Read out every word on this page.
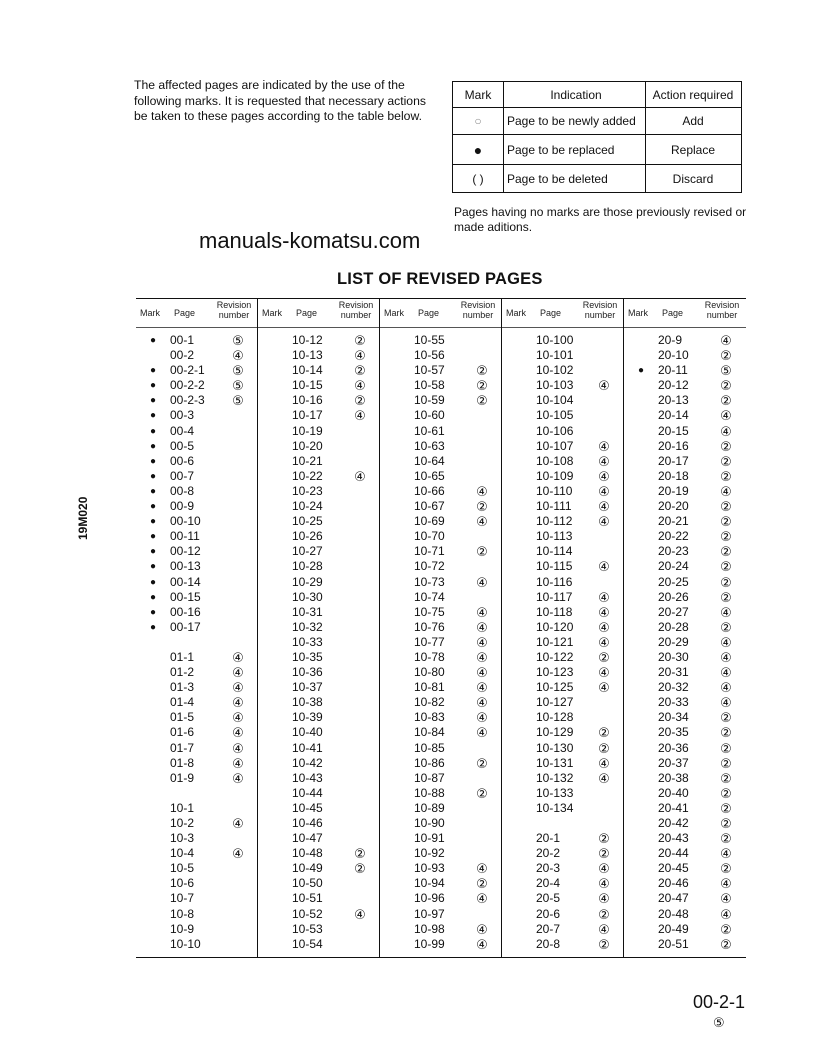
The affected pages are indicated by the use of the following marks. It is requested that necessary actions be taken to these pages according to the table below.
Mark	Indication	Action required
○	Page to be newly added	Add
●	Page to be replaced	Replace
( )	Page to be deleted	Discard
Pages having no marks are those previously revised or made aditions.
manuals-komatsu.com
LIST OF REVISED PAGES
19M020
Mark Page
Revision number
● 00-1	⑤
00-2	④
● 00-2-1 ⑤
● 00-2-2 ⑤
● 00-2-3 ⑤
● 00-3
● 00-4
● 00-5
● 00-6
● 00-7
● 00-8
● 00-9
● 00-10
● 00-11
● 00-12
● 00-13
● 00-14
● 00-15
● 00-16
● 00-17
01-1	④
01-2	④
01-3	④
01-4	④
01-5	④
01-6	④
01-7	④
01-8	④
01-9	④
10-1
10-2	④
10-3
10-4	④
10-5
10-6
10-7
10-8
10-9
10-10
Mark Page
Revision number
10-12 ②
10-13 ④
10-14 ②
10-15 ④
10-16 ②
10-17 ④
10-19
10-20
10-21
10-22 ④
10-23
10-24
10-25
10-26
10-27
10-28
10-29
10-30
10-31
10-32
10-33
10-35
10-36
10-37
10-38
10-39
10-40
10-41
10-42
10-43
10-44
10-45
10-46
10-47
10-48 ②
10-49 ②
10-50
10-51
10-52 ④
10-53
10-54
Mark Page
Revision number
10-55
10-56
10-57 ②
10-58 ②
10-59 ②
10-60
10-61
10-63
10-64
10-65
10-66 ④
10-67 ②
10-69 ④
10-70
10-71 ②
10-72
10-73 ④
10-74
10-75 ④
10-76 ④
10-77 ④
10-78 ④
10-80 ④
10-81 ④
10-82 ④
10-83 ④
10-84 ④
10-85
10-86 ②
10-87
10-88 ②
10-89
10-90
10-91
10-92
10-93 ④
10-94 ②
10-96 ④
10-97
10-98 ④
10-99 ④
Mark Page
Revision number
10-100
10-101
10-102
10-103 ④
10-104
10-105
10-106
10-107 ④
10-108 ④
10-109 ④
10-110 ④
10-111 ④
10-112 ④
10-113
10-114
10-115 ④
10-116
10-117 ④
10-118 ④
10-120 ④
10-121 ④
10-122 ②
10-123 ④
10-125 ④
10-127
10-128
10-129 ②
10-130 ②
10-131 ④
10-132 ④
10-133
10-134
20-1	②
20-2	②
20-3	④
20-4	④
20-5	④
20-6	②
20-7	④
20-8	②
Mark Page
Revision number
20-9	④
20-10 ②
● 20-11 ⑤
20-12 ②
20-13 ②
20-14 ④
20-15 ④
20-16 ②
20-17 ②
20-18 ②
20-19 ④
20-20 ②
20-21 ②
20-22 ②
20-23 ②
20-24 ②
20-25 ②
20-26 ②
20-27 ④
20-28 ②
20-29 ④
20-30 ④
20-31 ④
20-32 ④
20-33 ④
20-34 ②
20-35 ②
20-36 ②
20-37 ②
20-38 ②
20-40 ②
20-41 ②
20-42 ②
20-43 ②
20-44 ④
20-45 ②
20-46 ④
20-47 ④
20-48 ④
20-49 ②
20-51 ②
00-2-1
⑤
